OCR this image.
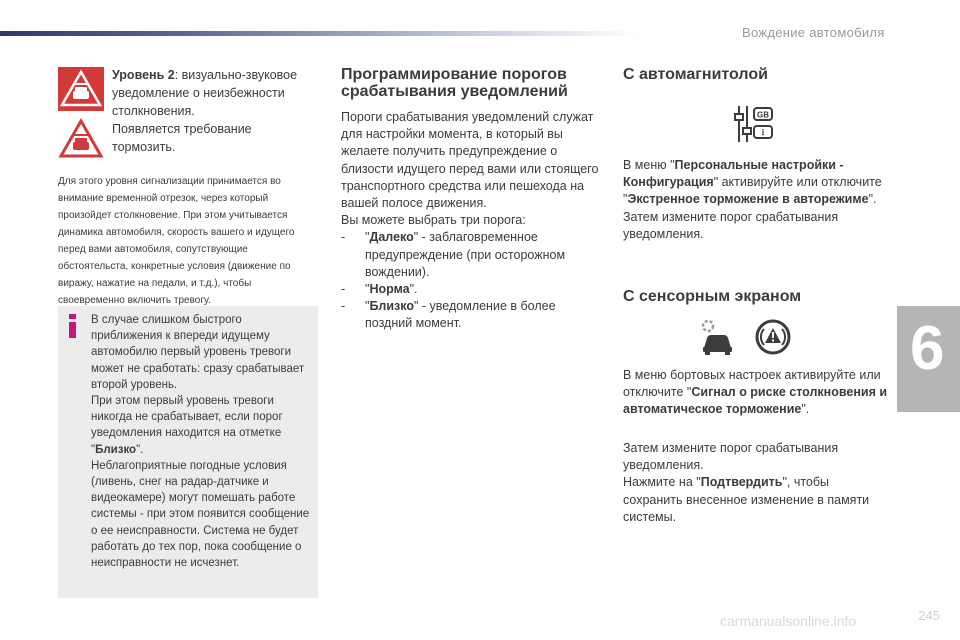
Вождение автомобиля
6
Уровень 2: визуально-звуковое уведомление о неизбежности столкновения.
Появляется требование тормозить.
Для этого уровня сигнализации принимается во внимание временной отрезок, через который произойдет столкновение. При этом учитывается динамика автомобиля, скорость вашего и идущего перед вами автомобиля, сопутствующие обстоятельста, конкретные условия (движение по виражу, нажатие на педали, и т.д.), чтобы своевременно включить тревогу.
В случае слишком быстрого приближения к впереди идущему автомобилю первый уровень тревоги может не сработать: сразу срабатывает второй уровень.
При этом первый уровень тревоги никогда не срабатывает, если порог уведомления находится на отметке "Близко".
Неблагоприятные погодные условия (ливень, снег на радар-датчике и видеокамере) могут помешать работе системы - при этом появится сообщение о ее неисправности. Система не будет работать до тех пор, пока сообщение о неисправности не исчезнет.
Программирование порогов срабатывания уведомлений
Пороги срабатывания уведомлений служат для настройки момента, в который вы желаете получить предупреждение о близости идущего перед вами или стоящего транспортного средства или пешехода на вашей полосе движения.
Вы можете выбрать три порога:
- "Далеко" - заблаговременное предупреждение (при осторожном вождении).
- "Норма".
- "Близко" - уведомление в более поздний момент.
С автомагнитолой
GB
i
В меню "Персональные настройки - Конфигурация" активируйте или отключите "Экстренное торможение в авторежиме".
Затем измените порог срабатывания уведомления.
С сенсорным экраном
В меню бортовых настроек активируйте или отключите "Сигнал о риске столкновения и автоматическое торможение".
Затем измените порог срабатывания уведомления.
Нажмите на "Подтвердить", чтобы сохранить внесенное изменение в памяти системы.
245
carmanualsonline.info
